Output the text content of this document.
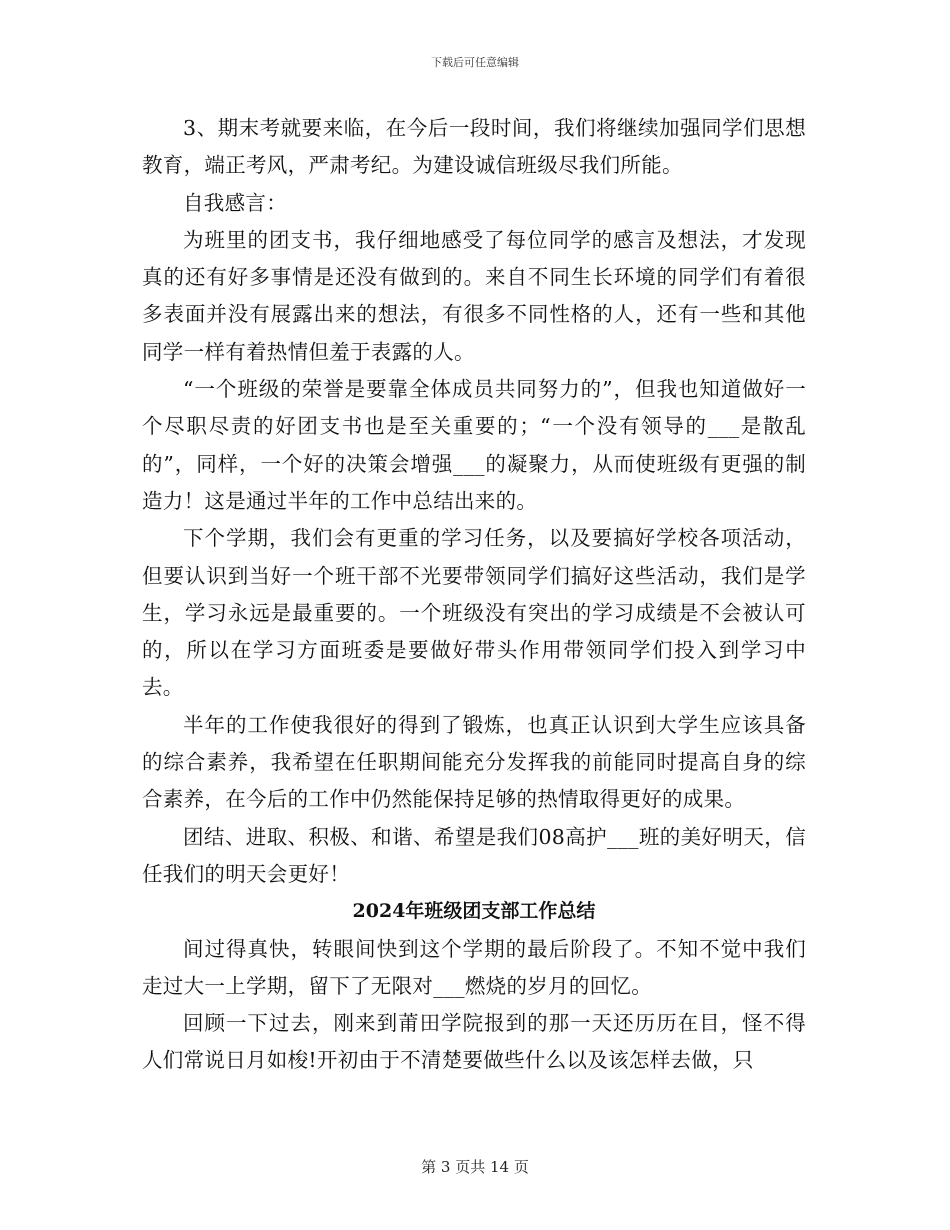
下载后可任意编辑

3、期末考就要来临，在今后一段时间，我们将继续加强同学们思想教育，端正考风，严肃考纪。为建设诚信班级尽我们所能。

自我感言：

为班里的团支书，我仔细地感受了每位同学的感言及想法，才发现真的还有好多事情是还没有做到的。来自不同生长环境的同学们有着很多表面并没有展露出来的想法，有很多不同性格的人，还有一些和其他同学一样有着热情但羞于表露的人。

“一个班级的荣誉是要靠全体成员共同努力的”，但我也知道做好一个尽职尽责的好团支书也是至关重要的；“一个没有领导的___是散乱的”，同样，一个好的决策会增强___的凝聚力，从而使班级有更强的制造力！这是通过半年的工作中总结出来的。

下个学期，我们会有更重的学习任务，以及要搞好学校各项活动，但要认识到当好一个班干部不光要带领同学们搞好这些活动，我们是学生，学习永远是最重要的。一个班级没有突出的学习成绩是不会被认可的，所以在学习方面班委是要做好带头作用带领同学们投入到学习中去。

半年的工作使我很好的得到了锻炼，也真正认识到大学生应该具备的综合素养，我希望在任职期间能充分发挥我的前能同时提高自身的综合素养，在今后的工作中仍然能保持足够的热情取得更好的成果。

团结、进取、积极、和谐、希望是我们08高护___班的美好明天，信任我们的明天会更好！

2024年班级团支部工作总结

间过得真快，转眼间快到这个学期的最后阶段了。不知不觉中我们走过大一上学期，留下了无限对___燃烧的岁月的回忆。

回顾一下过去，刚来到莆田学院报到的那一天还历历在目，怪不得人们常说日月如梭!开初由于不清楚要做些什么以及该怎样去做，只

第 3 页共 14 页
